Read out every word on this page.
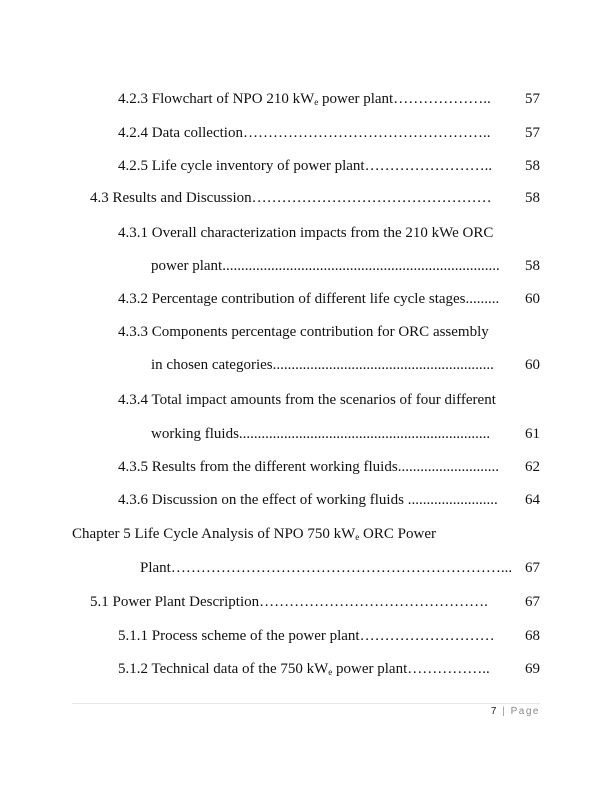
4.2.3 Flowchart of NPO 210 $kW_e$ power plant ………………..	57
4.2.4 Data collection …………………………………………..	57
4.2.5 Life cycle inventory of power plant ……………………..	58
4.3 Results and Discussion …………………………………………	58
4.3.1 Overall characterization impacts from the 210 kWe ORC
power plant ..........................................................................	58
4.3.2 Percentage contribution of different life cycle stages .........	60
4.3.3 Components percentage contribution for ORC assembly
in chosen categories ...........................................................	60
4.3.4 Total impact amounts from the scenarios of four different
working fluids ...................................................................	61
4.3.5 Results from the different working fluids ...........................	62
4.3.6 Discussion on the effect of working fluids ........................	64
Chapter 5 Life Cycle Analysis of NPO 750 $kW_e$ ORC Power
Plant …………………………………………………………... 67
5.1 Power Plant Description ……………………………………….	67
5.1.1 Process scheme of the power plant ………………………	68
5.1.2 Technical data of the 750 $kW_e$ power plant ……………..	69
7 | Page
